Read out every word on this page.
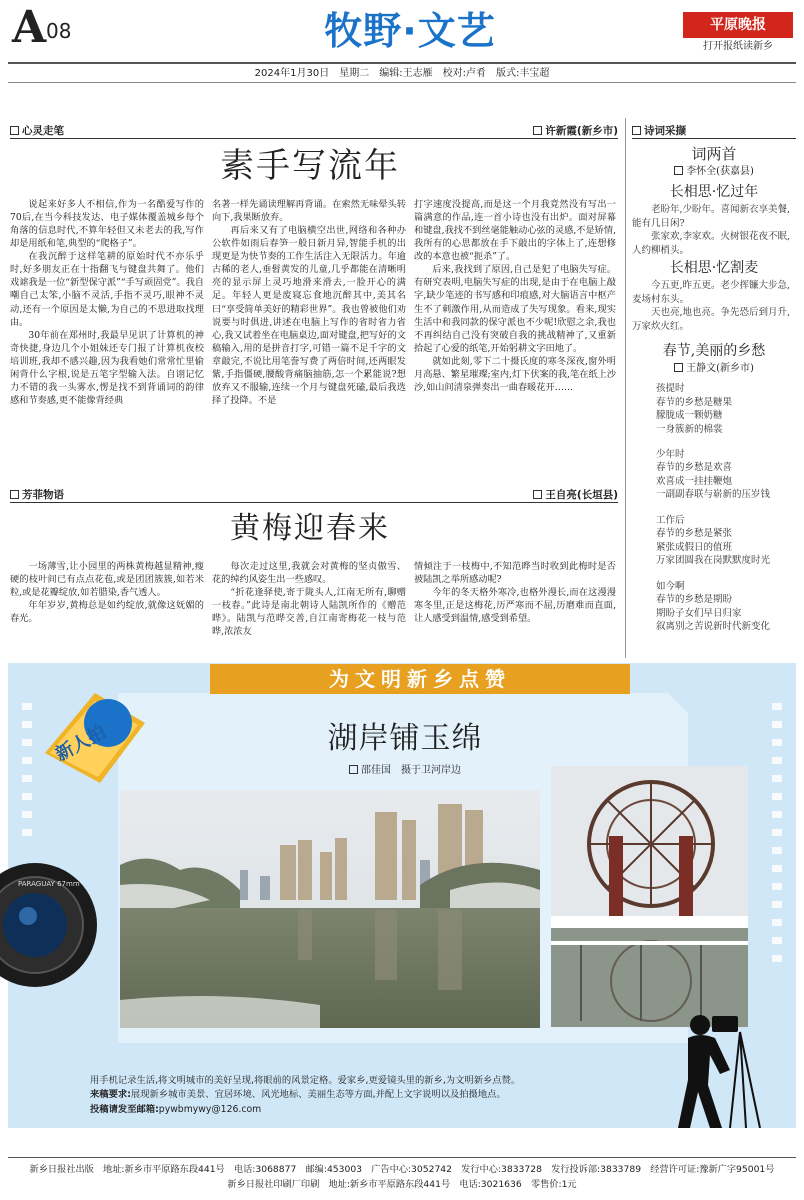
A 08	牧野·文艺	平原晚报
打开报纸读新乡
2024年1月30日　星期二　编辑:王志雁　校对:卢肴　版式:丰宝超
心灵走笔	许新霞(新乡市)
素手写流年

说起来好多人不相信,作为一名酷爱写作的70后,在当今科技发达、电子媒体覆盖城乡每个角落的信息时代,不算年轻但又未老去的我,写作却是用纸和笔,典型的“爬格子”。

在我沉醉于这样笔耕的原始时代不亦乐乎时,好多朋友正在十指翻飞与键盘共舞了。他们戏谑我是一位“新型保守派”“手写顽固党”。我自嘲自己太笨,小脑不灵活,手指不灵巧,眼神不灵动,还有一个原因是太懒,为自己的不思进取找理由。

30年前在郑州时,我最早见识了计算机的神奇快捷,身边几个小姐妹还专门报了计算机夜校培训班,我却不感兴趣,因为我看她们常常忙里偷闲背什么字根,说是五笔字型输入法。自诩记忆力不错的我一头雾水,愣是找不到背诵词的韵律感和节奏感,更不能像背经典

名著一样先诵读理解再背诵。在索然无味晕头转向下,我果断放弃。

再后来又有了电脑横空出世,网络和各种办公软件如雨后春笋一般日新月异,智能手机的出现更是为快节奏的工作生活注入无限活力。年逾古稀的老人,垂髫黄发的儿童,几乎都能在清晰明亮的显示屏上灵巧地滑来滑去,一脸开心的满足。年轻人更是废寝忘食地沉醉其中,美其名曰“享受简单美好的精彩世界”。我也曾被他们劝说要与时俱进,讲述在电脑上写作的省时省力省心,我又试着坐在电脑桌边,面对键盘,把写好的文稿输入,用的是拼音打字,可错一篇不足千字的文章敲完,不说比用笔誊写费了两倍时间,还两眼发紫,手指僵硬,腰酸背痛脑抽筋,怎一个累能说?想放弃又不服输,连续一个月与键盘死磕,最后我选择了投降。不是

打字速度没提高,而是这一个月我竟然没有写出一篇满意的作品,连一首小诗也没有出炉。面对屏幕和键盘,我找不到丝毫能触动心弦的灵感,不是矫情,我所有的心思都放在手下敲出的字体上了,连想修改的本意也被“扼杀”了。

后来,我找到了原因,自己是犯了电脑失写症。有研究表明,电脑失写症的出现,是由于在电脑上敲字,缺少笔迹的书写感和印痕感,对大脑语言中枢产生不了刺激作用,从而造成了失写现象。看来,现实生活中和我同款的保守派也不少呢!欣慰之余,我也不再纠结自己没有突破自我的挑战精神了,又重新拾起了心爱的纸笔,开始躬耕文字田地了。

就如此刻,零下二十摄氏度的寒冬深夜,窗外明月高悬、繁星璀璨;室内,灯下伏案的我,笔在纸上沙沙,如山间清泉弹奏出一曲春暖花开……

芳菲物语	王自亮(长垣县)
黄梅迎春来

一场薄雪,让小园里的两株黄梅越显精神,瘦硬的枝叶间已有点点花苞,或是团团簇簇,如若米粒,或是花瓣绽放,如若腊染,香气透人。

年年岁岁,黄梅总是如约绽放,就像这妩媚的春光。

每次走过这里,我就会对黄梅的坚贞傲雪、花的绰约风姿生出一些感叹。

“折花逢驿使,寄于陇头人,江南无所有,聊赠一枝春。”此诗是南北朝诗人陆凯所作的《赠范晔》。陆凯与范晔交善,自江南寄梅花一枝与范晔,浓浓友

情倾注于一枝梅中,不知范晔当时收到此梅时是否被陆凯之举所感动呢?

今年的冬天格外寒冷,也格外漫长,而在这漫漫寒冬里,正是这梅花,历严寒而不屈,历磨难而直面,让人感受到温情,感受到希望。

诗词采撷
词两首
李怀全(获嘉县)
长相思·忆过年
老盼年,少盼年。喜闻新衣享美餐,能有几日闲?
张家欢,李家欢。火树银花夜不眠,人约柳梢头。
长相思·忆割麦
今五更,昨五更。老少挥镰大步急,麦场村东头。
天也亮,地也亮。争先恐后到月升,万家炊火红。
春节,美丽的乡愁
王静文(新乡市)
孩提时
春节的乡愁是糖果
朦胧成一颗奶糖
一身簇新的棉裳
少年时
春节的乡愁是欢喜
欢喜成一挂挂鞭炮
一副副春联与崭新的压岁钱
工作后
春节的乡愁是紧张
紧张成假日的值班
万家团圆我在岗默默度时光
如今啊
春节的乡愁是期盼
期盼子女们早日归家
叙离别之苦说新时代新变化
为文明新乡点赞
新人拍	湖岸铺玉绵
邵佳国　摄于卫河岸边
PARAGUAY 67mm
用手机记录生活,将文明城市的美好呈现,将眼前的风景定格。爱家乡,更爱镜头里的新乡,为文明新乡点赞。
来稿要求:展现新乡城市美景、宜居环境、风光地标、美丽生态等方面,并配上文字说明以及拍摄地点。
投稿请发至邮箱:pywbmywy@126.com
新乡日报社出版　地址:新乡市平原路东段441号　电话:3068877　邮编:453003　广告中心:3052742　发行中心:3833728　发行投诉部:3833789　经营许可证:豫新广字95001号
新乡日报社印刷厂印刷　地址:新乡市平原路东段441号　电话:3021636　零售价:1元
